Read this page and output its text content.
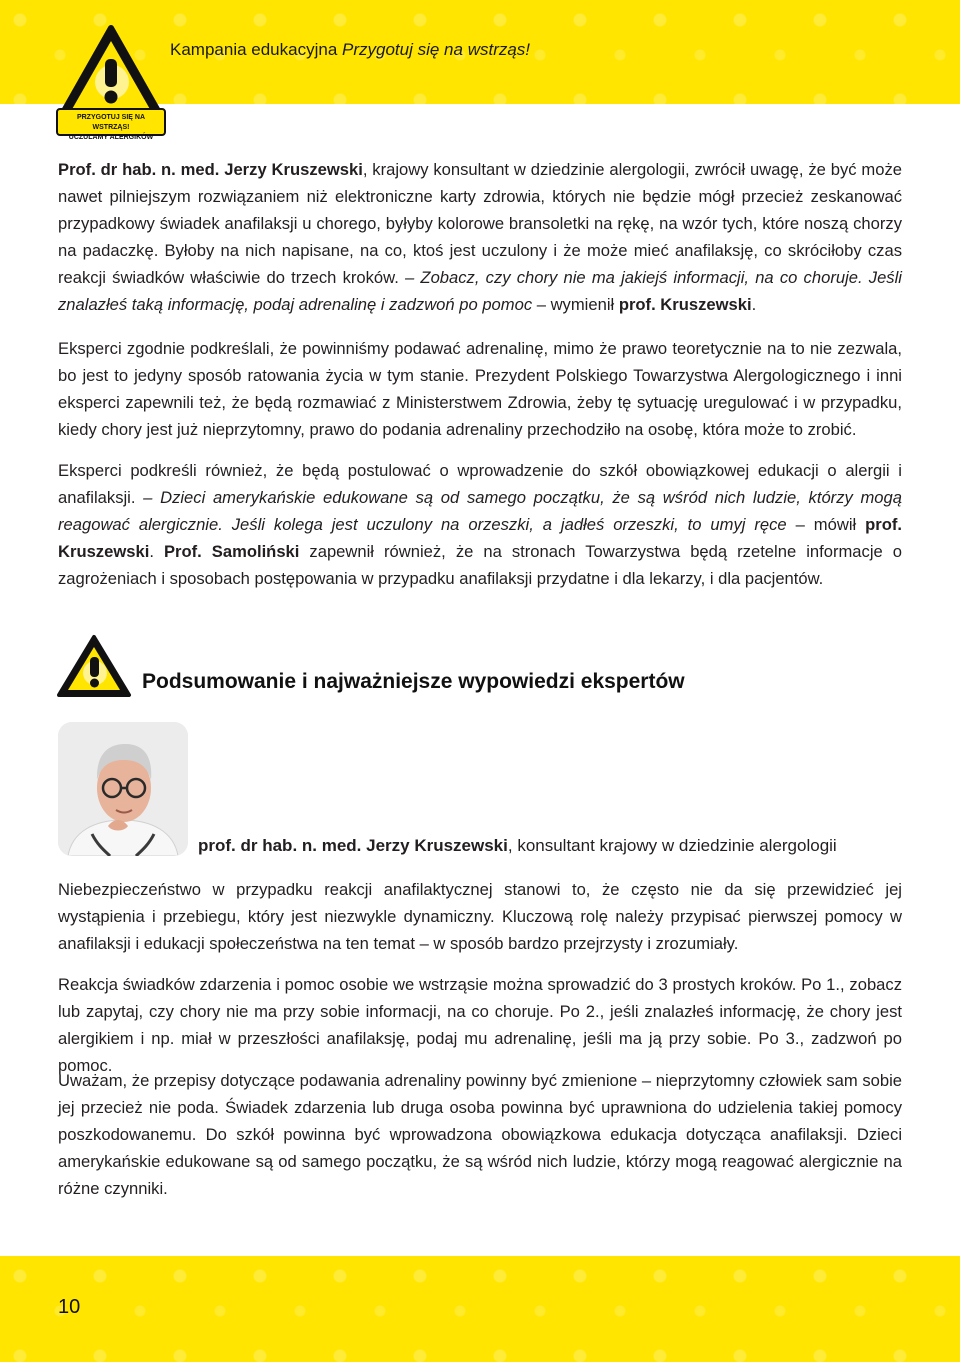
PRZYGOTUJ SIĘ NA WSTRZĄS!
UCZULAMY ALERGIKÓW
Kampania edukacyjna Przygotuj się na wstrząs!

Prof. dr hab. n. med. Jerzy Kruszewski, krajowy konsultant w dziedzinie alergologii, zwrócił uwagę, że być może nawet pilniejszym rozwiązaniem niż elektroniczne karty zdrowia, których nie będzie mógł przecież zeskanować przypadkowy świadek anafilaksji u chorego, byłyby kolorowe bransoletki na rękę, na wzór tych, które noszą chorzy na padaczkę. Byłoby na nich napisane, na co, ktoś jest uczulony i że może mieć anafilaksję, co skróciłoby czas reakcji świadków właściwie do trzech kroków. – Zobacz, czy chory nie ma jakiejś informacji, na co choruje. Jeśli znalazłeś taką informację, podaj adrenalinę i zadzwoń po pomoc – wymienił prof. Kruszewski.

Eksperci zgodnie podkreślali, że powinniśmy podawać adrenalinę, mimo że prawo teoretycznie na to nie zezwala, bo jest to jedyny sposób ratowania życia w tym stanie. Prezydent Polskiego Towarzystwa Alergologicznego i inni eksperci zapewnili też, że będą rozmawiać z Ministerstwem Zdrowia, żeby tę sytuację uregulować i w przypadku, kiedy chory jest już nieprzytomny, prawo do podania adrenaliny przechodziło na osobę, która może to zrobić.

Eksperci podkreśli również, że będą postulować o wprowadzenie do szkół obowiązkowej edukacji o alergii i anafilaksji. – Dzieci amerykańskie edukowane są od samego początku, że są wśród nich ludzie, którzy mogą reagować alergicznie. Jeśli kolega jest uczulony na orzeszki, a jadłeś orzeszki, to umyj ręce – mówił prof. Kruszewski. Prof. Samoliński zapewnił również, że na stronach Towarzystwa będą rzetelne informacje o zagrożeniach i sposobach postępowania w przypadku anafilaksji przydatne i dla lekarzy, i dla pacjentów.

Podsumowanie i najważniejsze wypowiedzi ekspertów
prof. dr hab. n. med. Jerzy Kruszewski, konsultant krajowy w dziedzinie alergologii

Niebezpieczeństwo w przypadku reakcji anafilaktycznej stanowi to, że często nie da się przewidzieć jej wystąpienia i przebiegu, który jest niezwykle dynamiczny. Kluczową rolę należy przypisać pierwszej pomocy w anafilaksji i edukacji społeczeństwa na ten temat – w sposób bardzo przejrzysty i zrozumiały.

Reakcja świadków zdarzenia i pomoc osobie we wstrząsie można sprowadzić do 3 prostych kroków. Po 1., zobacz lub zapytaj, czy chory nie ma przy sobie informacji, na co choruje. Po 2., jeśli znalazłeś informację, że chory jest alergikiem i np. miał w przeszłości anafilaksję, podaj mu adrenalinę, jeśli ma ją przy sobie. Po 3., zadzwoń po pomoc.

Uważam, że przepisy dotyczące podawania adrenaliny powinny być zmienione – nieprzytomny człowiek sam sobie jej przecież nie poda. Świadek zdarzenia lub druga osoba powinna być uprawniona do udzielenia takiej pomocy poszkodowanemu. Do szkół powinna być wprowadzona obowiązkowa edukacja dotycząca anafilaksji. Dzieci amerykańskie edukowane są od samego początku, że są wśród nich ludzie, którzy mogą reagować alergicznie na różne czynniki.

10
